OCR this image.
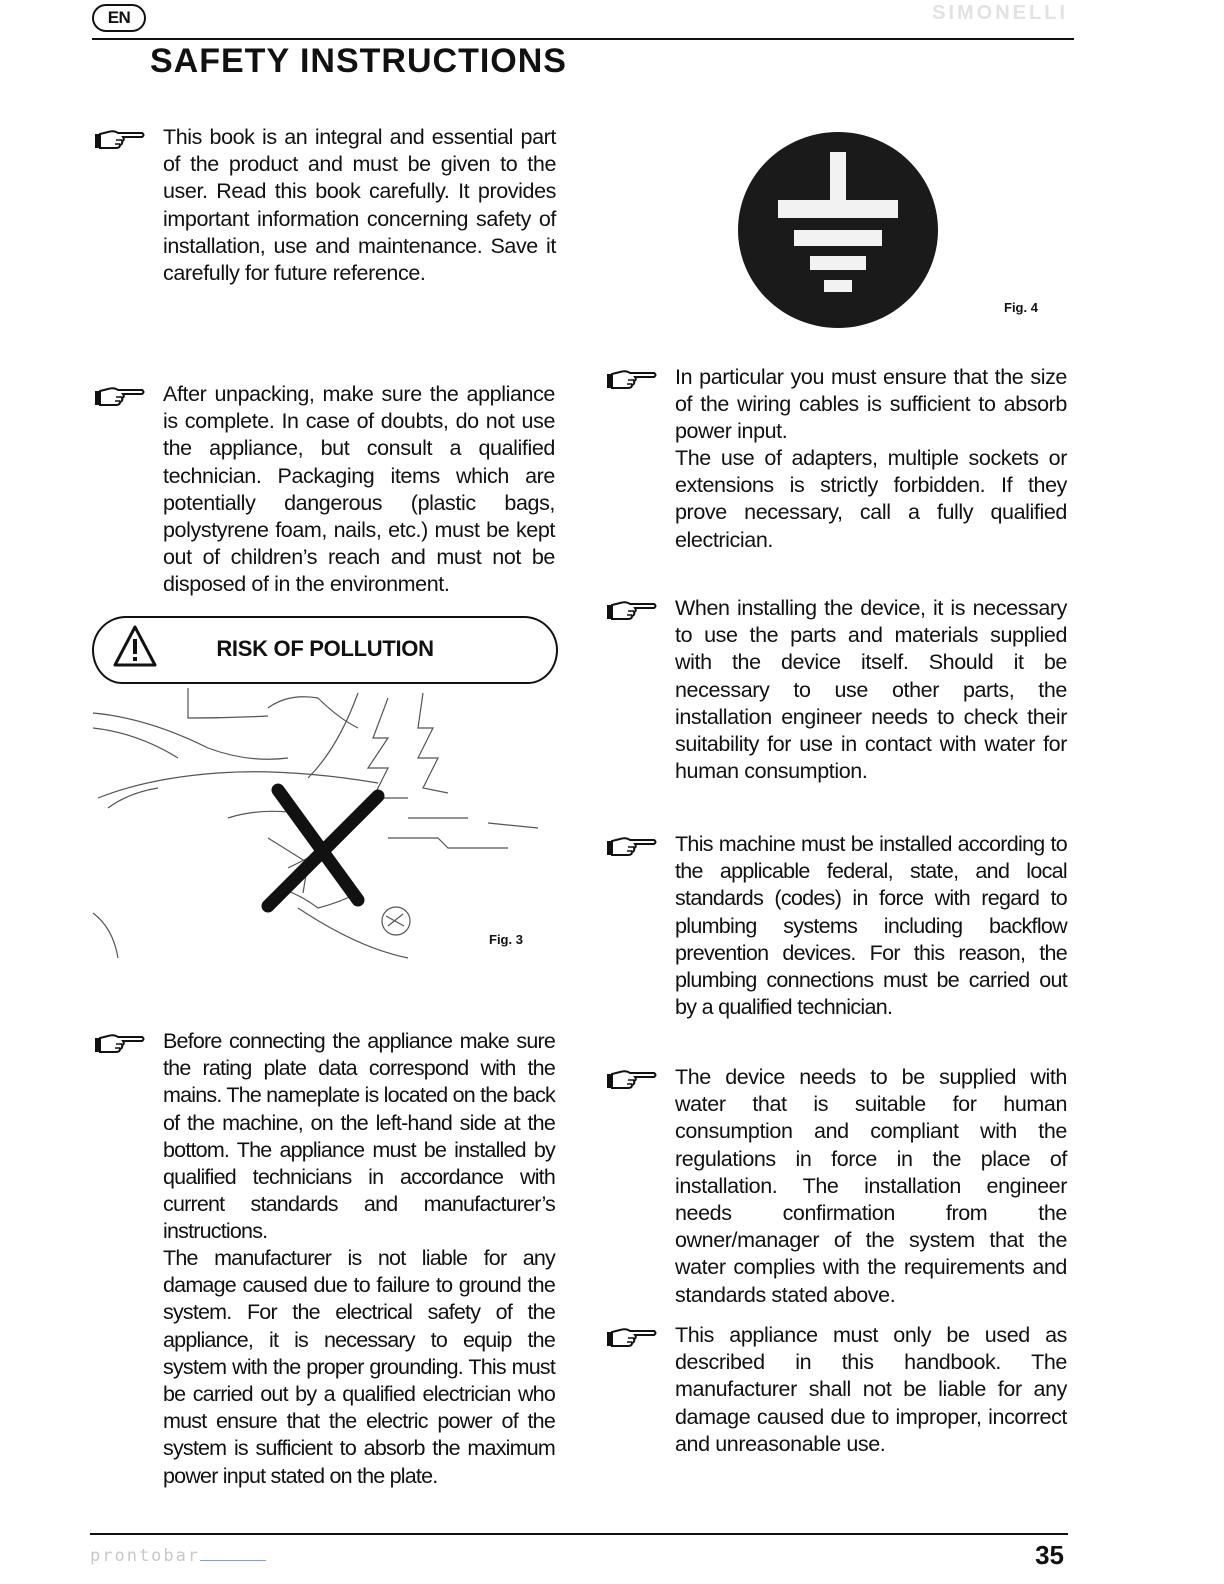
EN	SIMONELLI
SAFETY INSTRUCTIONS

This book is an integral and essential part of the product and must be given to the user. Read this book carefully. It provides important information concerning safety of installation, use and maintenance. Save it carefully for future reference.

After unpacking, make sure the appliance is complete. In case of doubts, do not use the appliance, but consult a qualified technician. Packaging items which are potentially dangerous (plastic bags, polystyrene foam, nails, etc.) must be kept out of children’s reach and must not be disposed of in the environment.

RISK OF POLLUTION
Fig. 3

Before connecting the appliance make sure the rating plate data correspond with the mains. The nameplate is located on the back of the machine, on the left-hand side at the bottom. The appliance must be installed by qualified technicians in accordance with current standards and manufacturer’s instructions.

The manufacturer is not liable for any damage caused due to failure to ground the system. For the electrical safety of the appliance, it is necessary to equip the system with the proper grounding. This must be carried out by a qualified electrician who must ensure that the electric power of the system is sufficient to absorb the maximum power input stated on the plate.

Fig. 4

In particular you must ensure that the size of the wiring cables is sufficient to absorb power input.

The use of adapters, multiple sockets or extensions is strictly forbidden. If they prove necessary, call a fully qualified electrician.

When installing the device, it is necessary to use the parts and materials supplied with the device itself. Should it be necessary to use other parts, the installation engineer needs to check their suitability for use in contact with water for human consumption.

This machine must be installed according to the applicable federal, state, and local standards (codes) in force with regard to plumbing systems including backflow prevention devices. For this reason, the plumbing connections must be carried out by a qualified technician.

The device needs to be supplied with water that is suitable for human consumption and compliant with the regulations in force in the place of installation. The installation engineer needs confirmation from the owner/manager of the system that the water complies with the requirements and standards stated above.

This appliance must only be used as described in this handbook. The manufacturer shall not be liable for any damage caused due to improper, incorrect and unreasonable use.

prontobar	35
